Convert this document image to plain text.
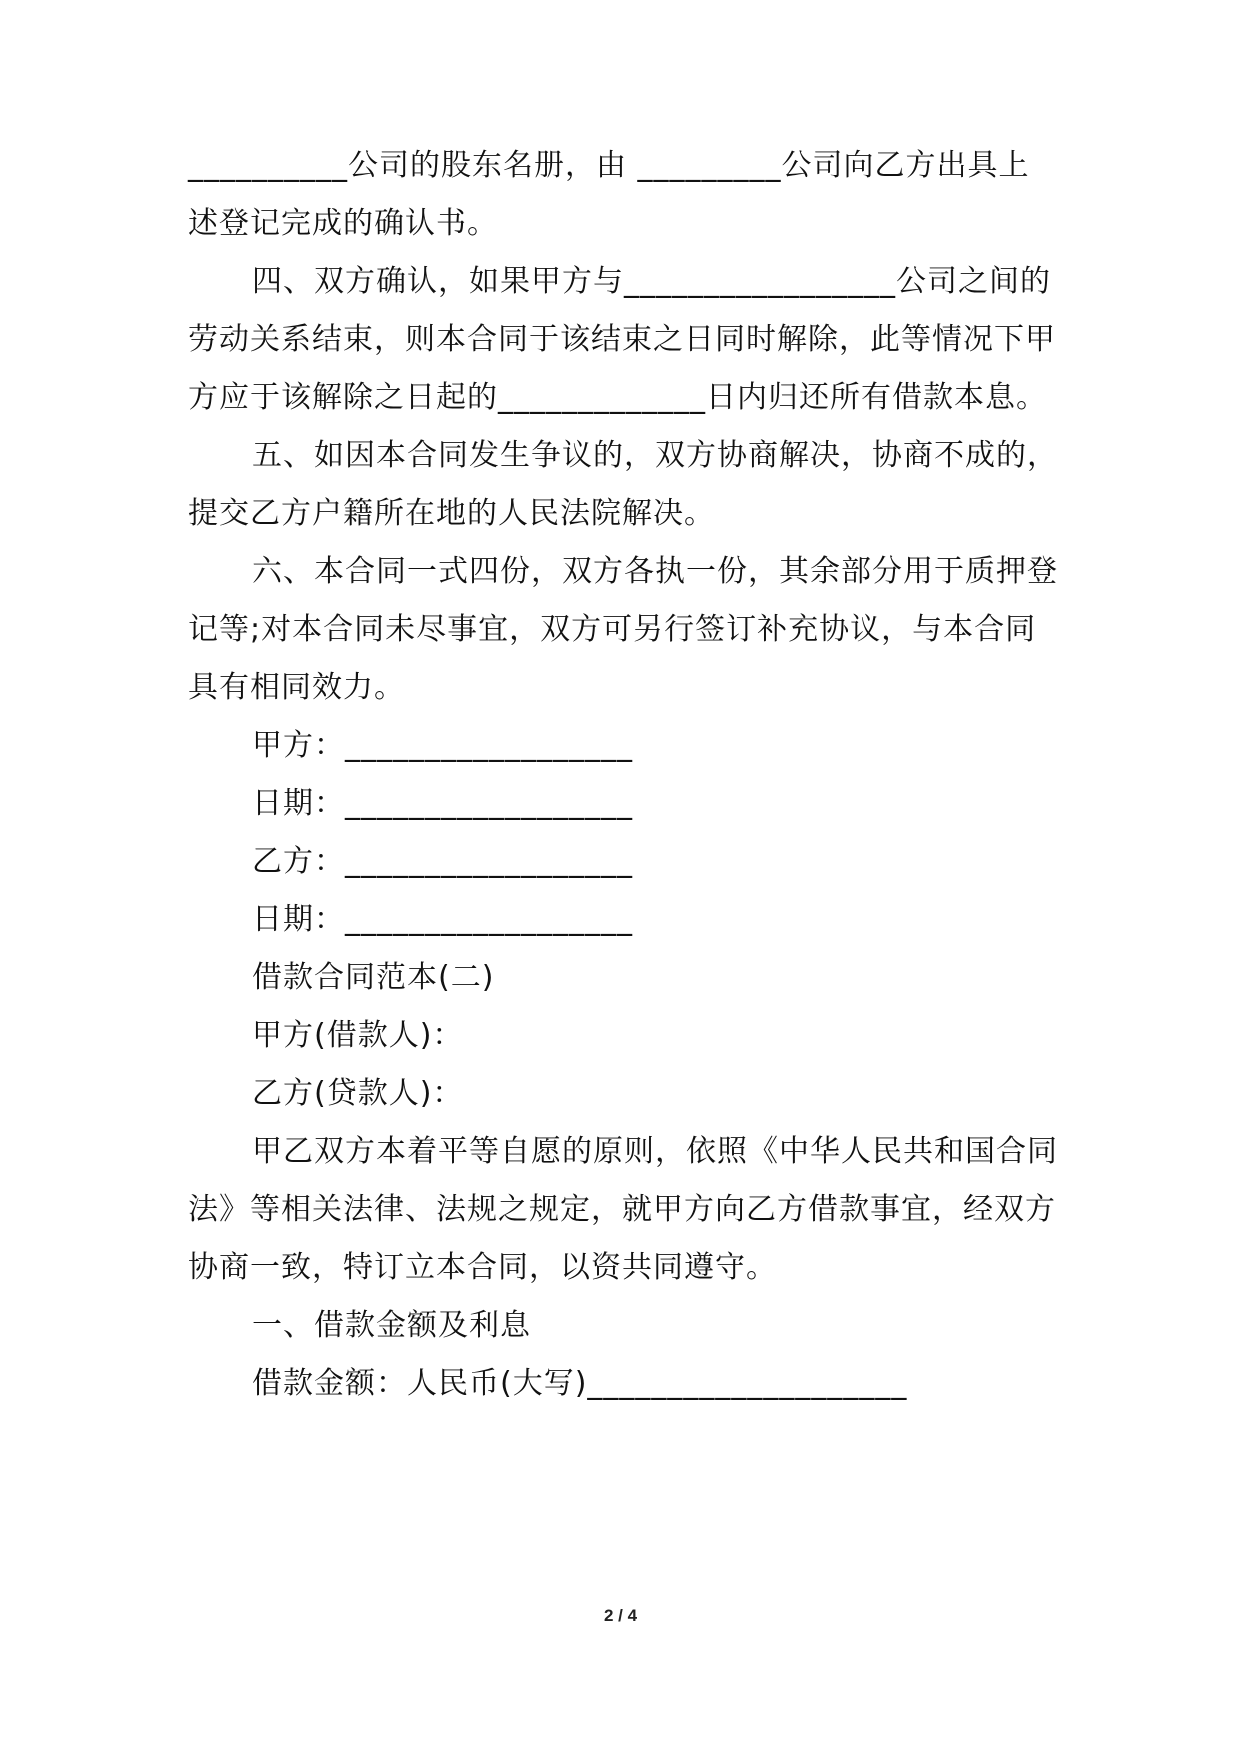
__________公司的股东名册，由 _________公司向乙方出具上
述登记完成的确认书。
四、双方确认，如果甲方与_________________公司之间的
劳动关系结束，则本合同于该结束之日同时解除，此等情况下甲
方应于该解除之日起的_____________日内归还所有借款本息。
五、如因本合同发生争议的，双方协商解决，协商不成的，
提交乙方户籍所在地的人民法院解决。
六、本合同一式四份，双方各执一份，其余部分用于质押登
记等;对本合同未尽事宜，双方可另行签订补充协议，与本合同
具有相同效力。
甲方：__________________
日期：__________________
乙方：__________________
日期：__________________
借款合同范本(二)
甲方(借款人)：
乙方(贷款人)：
甲乙双方本着平等自愿的原则，依照《中华人民共和国合同
法》等相关法律、法规之规定，就甲方向乙方借款事宜，经双方
协商一致，特订立本合同，以资共同遵守。
一、借款金额及利息
借款金额：人民币(大写)____________________
2 / 4
